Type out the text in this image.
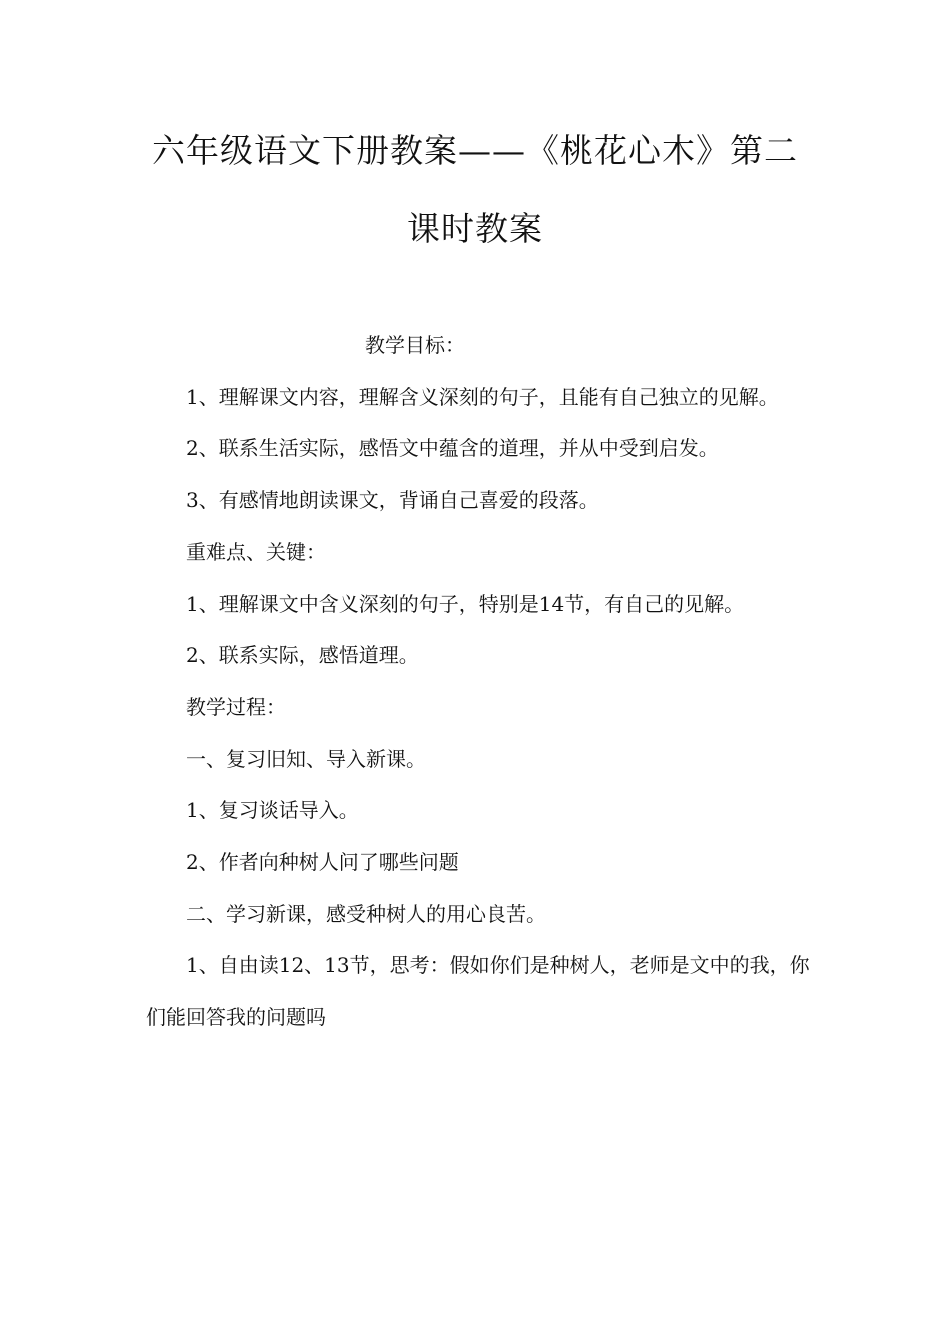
六年级语文下册教案——《桃花心木》第二
课时教案

教学目标：

1、理解课文内容，理解含义深刻的句子，且能有自己独立的见解。

2、联系生活实际，感悟文中蕴含的道理，并从中受到启发。

3、有感情地朗读课文，背诵自己喜爱的段落。

重难点、关键：

1、理解课文中含义深刻的句子，特别是14节，有自己的见解。

2、联系实际，感悟道理。

教学过程：

一、复习旧知、导入新课。

1、复习谈话导入。

2、作者向种树人问了哪些问题

二、学习新课，感受种树人的用心良苦。

1、自由读12、13节，思考：假如你们是种树人，老师是文中的我，你们能回答我的问题吗
